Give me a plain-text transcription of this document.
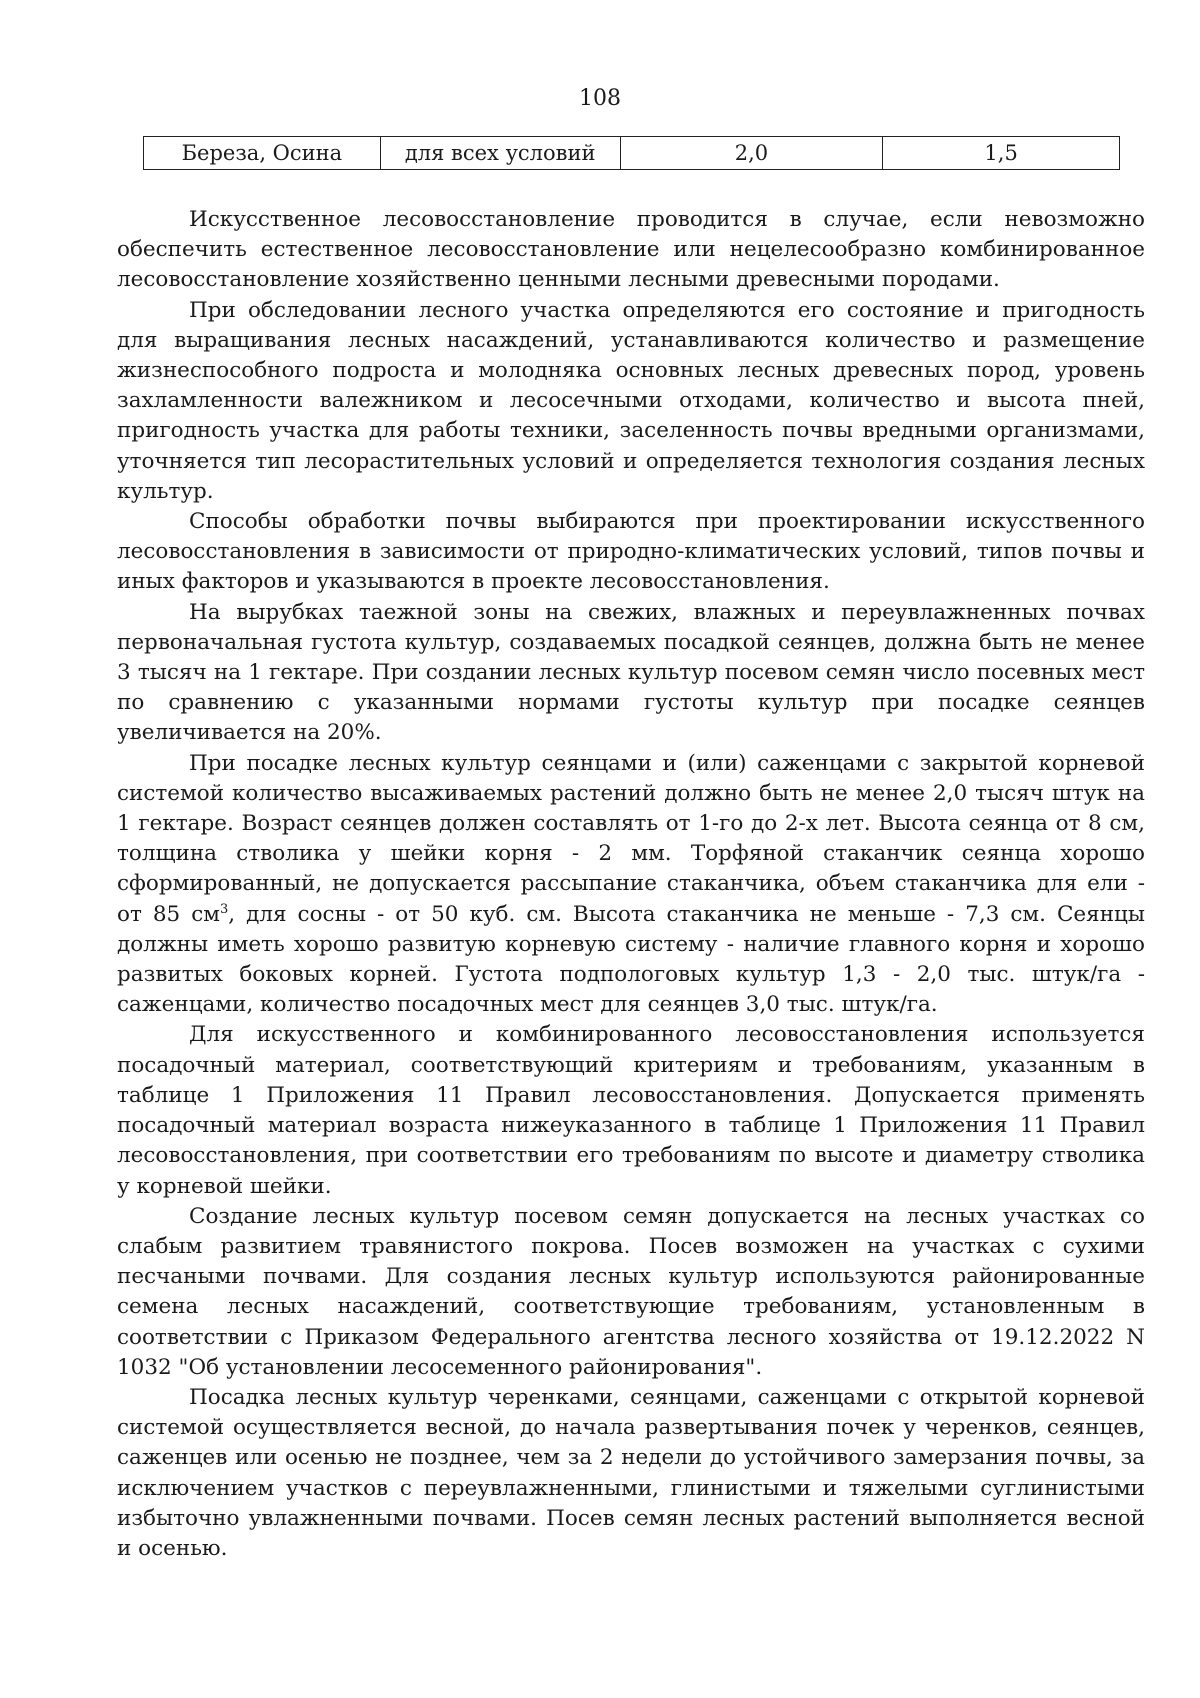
108
Береза, Осина	для всех условий	2,0	1,5

Искусственное лесовосстановление проводится в случае, если невозможно обеспечить естественное лесовосстановление или нецелесообразно комбинированное лесовосстановление хозяйственно ценными лесными древесными породами.

При обследовании лесного участка определяются его состояние и пригодность для выращивания лесных насаждений, устанавливаются количество и размещение жизнеспособного подроста и молодняка основных лесных древесных пород, уровень захламленности валежником и лесосечными отходами, количество и высота пней, пригодность участка для работы техники, заселенность почвы вредными организмами, уточняется тип лесорастительных условий и определяется технология создания лесных культур.

Способы обработки почвы выбираются при проектировании искусственного лесовосстановления в зависимости от природно-климатических условий, типов почвы и иных факторов и указываются в проекте лесовосстановления.

На вырубках таежной зоны на свежих, влажных и переувлажненных почвах первоначальная густота культур, создаваемых посадкой сеянцев, должна быть не менее 3 тысяч на 1 гектаре. При создании лесных культур посевом семян число посевных мест по сравнению с указанными нормами густоты культур при посадке сеянцев увеличивается на 20%.

При посадке лесных культур сеянцами и (или) саженцами с закрытой корневой системой количество высаживаемых растений должно быть не менее 2,0 тысяч штук на 1 гектаре. Возраст сеянцев должен составлять от 1-го до 2-х лет. Высота сеянца от 8 см, толщина стволика у шейки корня - 2 мм. Торфяной стаканчик сеянца хорошо сформированный, не допускается рассыпание стаканчика, объем стаканчика для ели - от 85 $см^3$, для сосны - от 50 куб. см. Высота стаканчика не меньше - 7,3 см. Сеянцы должны иметь хорошо развитую корневую систему - наличие главного корня и хорошо развитых боковых корней. Густота подпологовых культур 1,3 - 2,0 тыс. штук/га - саженцами, количество посадочных мест для сеянцев 3,0 тыс. штук/га.

Для искусственного и комбинированного лесовосстановления используется посадочный материал, соответствующий критериям и требованиям, указанным в таблице 1 Приложения 11 Правил лесовосстановления. Допускается применять посадочный материал возраста нижеуказанного в таблице 1 Приложения 11 Правил лесовосстановления, при соответствии его требованиям по высоте и диаметру стволика у корневой шейки.

Создание лесных культур посевом семян допускается на лесных участках со слабым развитием травянистого покрова. Посев возможен на участках с сухими песчаными почвами. Для создания лесных культур используются районированные семена лесных насаждений, соответствующие требованиям, установленным в соответствии с Приказом Федерального агентства лесного хозяйства от 19.12.2022 N 1032 "Об установлении лесосеменного районирования".

Посадка лесных культур черенками, сеянцами, саженцами с открытой корневой системой осуществляется весной, до начала развертывания почек у черенков, сеянцев, саженцев или осенью не позднее, чем за 2 недели до устойчивого замерзания почвы, за исключением участков с переувлажненными, глинистыми и тяжелыми суглинистыми избыточно увлажненными почвами. Посев семян лесных растений выполняется весной и осенью.
